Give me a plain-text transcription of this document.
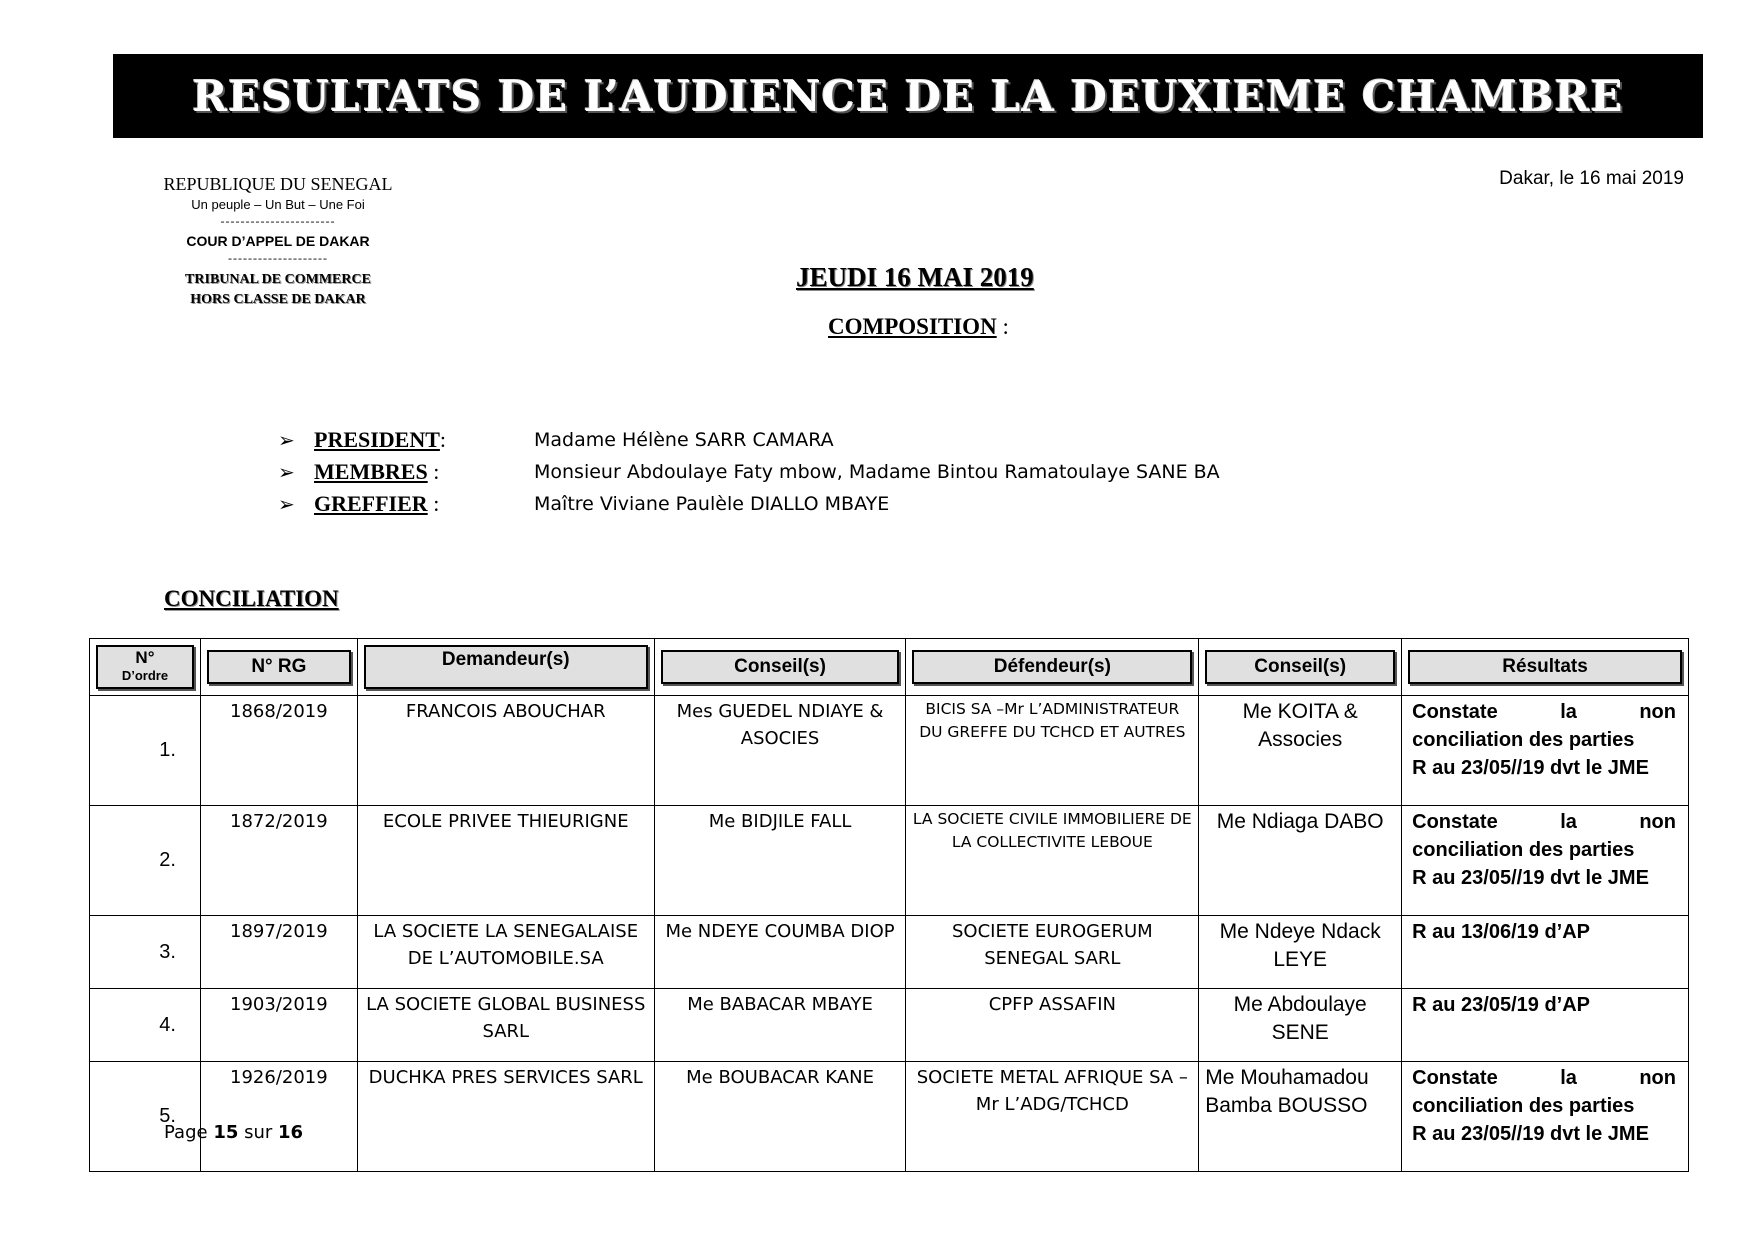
RESULTATS DE L’AUDIENCE DE LA DEUXIEME CHAMBRE
REPUBLIQUE DU SENEGAL
Un peuple – Un But – Une Foi
-----------------------
COUR D’APPEL DE DAKAR
--------------------
TRIBUNAL DE COMMERCE
HORS CLASSE DE DAKAR
Dakar, le 16 mai 2019
JEUDI 16 MAI 2019
COMPOSITION :
➢ PRESIDENT:	Madame Hélène SARR CAMARA
➢ MEMBRES :	Monsieur Abdoulaye Faty mbow, Madame Bintou Ramatoulaye SANE BA
➢ GREFFIER :	Maître Viviane Paulèle DIALLO MBAYE
CONCILIATION
N°
D’ordre	N° RG	Demandeur(s)	Conseil(s)	Défendeur(s)	Conseil(s)	Résultats

1.	1868/2019	FRANCOIS ABOUCHAR	Mes GUEDEL NDIAYE & ASOCIES	BICIS SA –Mr L’ADMINISTRATEUR DU GREFFE DU TCHCD ET AUTRES	Me KOITA & Associes	Constate la non
conciliation des parties
R au 23/05//19 dvt le JME

2.	1872/2019	ECOLE PRIVEE THIEURIGNE	Me BIDJILE FALL	LA SOCIETE CIVILE IMMOBILIERE DE LA COLLECTIVITE LEBOUE	Me Ndiaga DABO	Constate la non
conciliation des parties
R au 23/05//19 dvt le JME

3.	1897/2019	LA SOCIETE LA SENEGALAISE DE L’AUTOMOBILE.SA	Me NDEYE COUMBA DIOP	SOCIETE EUROGERUM SENEGAL SARL	Me Ndeye Ndack LEYE	R au 13/06/19 d’AP
4.	1903/2019	LA SOCIETE GLOBAL BUSINESS SARL	Me BABACAR MBAYE	CPFP ASSAFIN	Me Abdoulaye SENE	R au 23/05/19 d’AP
5.	1926/2019	DUCHKA PRES SERVICES SARL	Me BOUBACAR KANE	SOCIETE METAL AFRIQUE SA –Mr L’ADG/TCHCD	Me Mouhamadou Bamba BOUSSO	Constate la non
conciliation des parties
R au 23/05//19 dvt le JME
Page 15 sur 16
